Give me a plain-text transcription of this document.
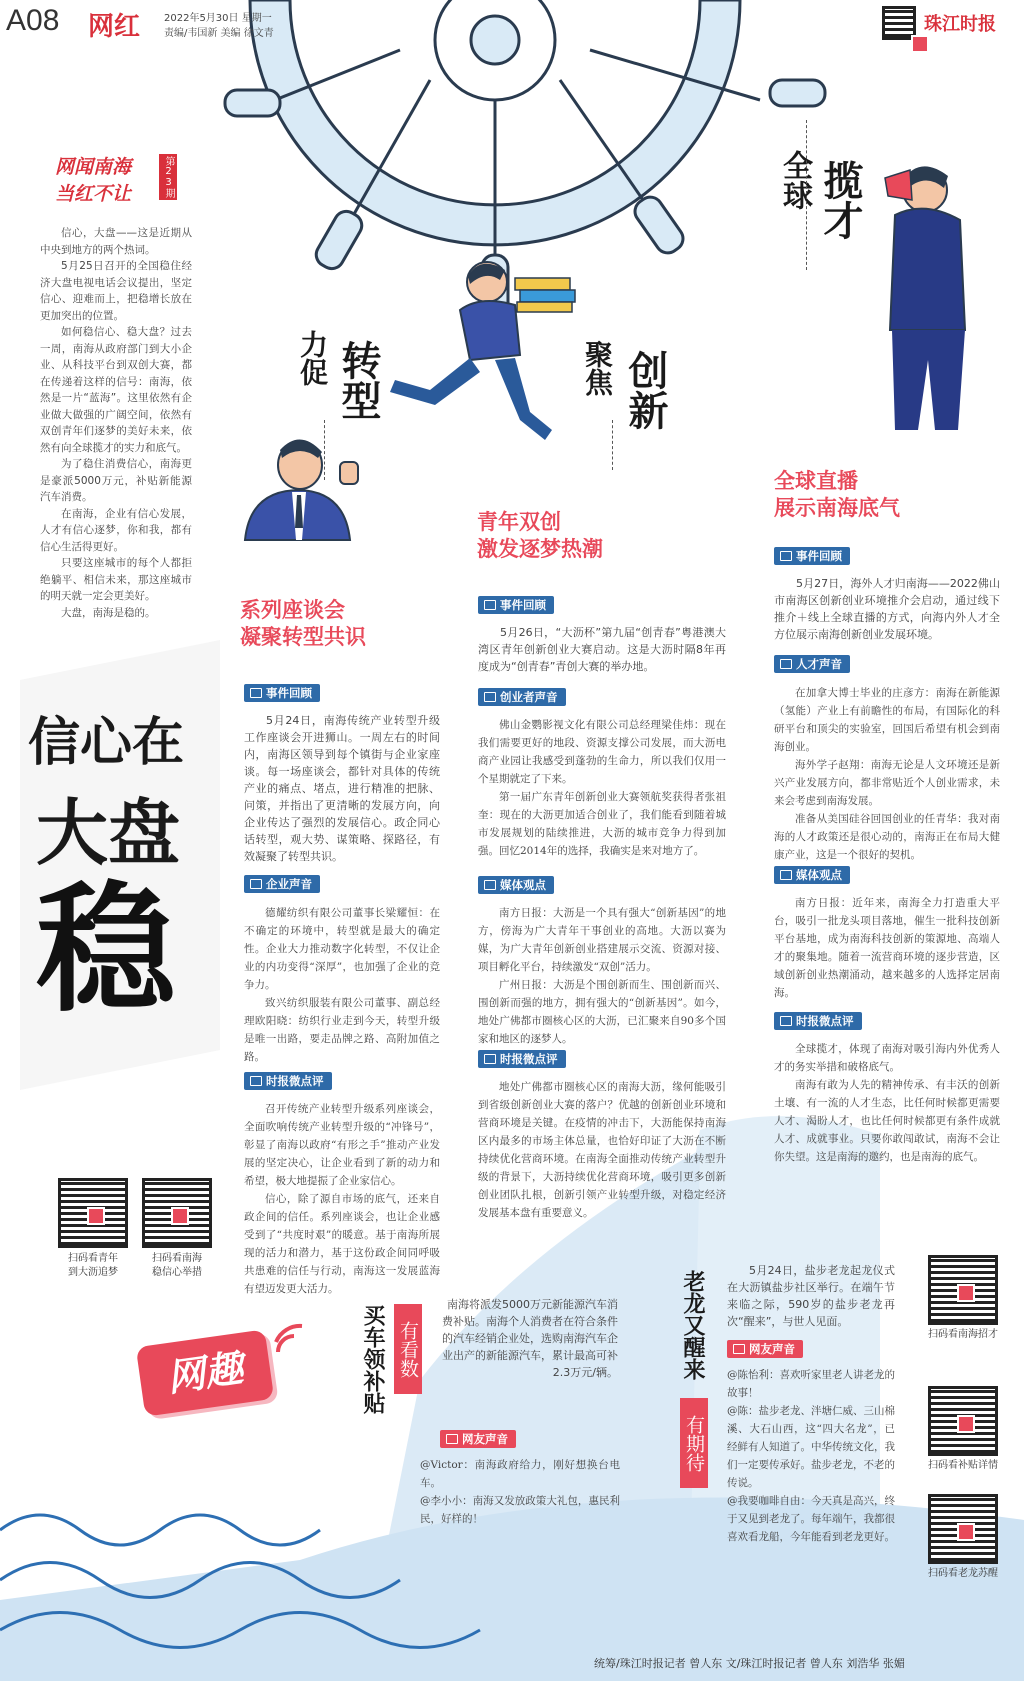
A08 网红 2022年5月30日 星期一
责编/韦国新 美编 徐文青	珠江时报
网闻南海
当红不让	第23期

信心，大盘——这是近期从中央到地方的两个热词。

5月25日召开的全国稳住经济大盘电视电话会议提出，坚定信心、迎难而上，把稳增长放在更加突出的位置。

如何稳信心、稳大盘？过去一周，南海从政府部门到大小企业、从科技平台到双创大赛，都在传递着这样的信号：南海，依然是一片“蓝海”。这里依然有企业做大做强的广阔空间，依然有双创青年们逐梦的美好未来，依然有向全球揽才的实力和底气。

为了稳住消费信心，南海更是豪派5000万元，补贴新能源汽车消费。

在南海，企业有信心发展，人才有信心逐梦，你和我，都有信心生活得更好。

只要这座城市的每个人都拒绝躺平、相信未来，那这座城市的明天就一定会更美好。

大盘，南海是稳的。

信心在
大盘
稳
力促 转型	聚焦 创新
全球 揽才
系列座谈会
凝聚转型共识
事件回顾
5月24日，南海传统产业转型升级工作座谈会开进狮山。一周左右的时间内，南海区领导到每个镇街与企业家座谈。每一场座谈会，都针对具体的传统产业的痛点、堵点，进行精准的把脉、问策，并指出了更清晰的发展方向，向企业传达了强烈的发展信心。政企同心话转型，观大势、谋策略、探路径，有效凝聚了转型共识。
企业声音

德耀纺织有限公司董事长梁耀恒：在不确定的环境中，转型就是最大的确定性。企业大力推动数字化转型，不仅让企业的内功变得“深厚”，也加强了企业的竞争力。

致兴纺织服装有限公司董事、副总经理欧阳晓：纺织行业走到今天，转型升级是唯一出路，要走品牌之路、高附加值之路。

时报微点评

召开传统产业转型升级系列座谈会，全面吹响传统产业转型升级的“冲锋号”，彰显了南海以政府“有形之手”推动产业发展的坚定决心，让企业看到了新的动力和希望，极大地提振了企业家信心。

信心，除了源自市场的底气，还来自政企间的信任。系列座谈会，也让企业感受到了“共度时艰”的暖意。基于南海所展现的活力和潜力，基于这份政企间同呼吸共患难的信任与行动，南海这一发展蓝海有望迈发更大活力。

青年双创
激发逐梦热潮
事件回顾
5月26日，“大沥杯”第九届“创青春”粤港澳大湾区青年创新创业大赛启动。这是大沥时隔8年再度成为“创青春”青创大赛的举办地。
创业者声音

佛山金鹦影视文化有限公司总经理梁佳炜：现在我们需要更好的地段、资源支撑公司发展，而大沥电商产业园让我感受到蓬勃的生命力，所以我们仅用一个星期就定了下来。

第一届广东青年创新创业大赛领航奖获得者张祖奎：现在的大沥更加适合创业了，我们能看到随着城市发展规划的陆续推进，大沥的城市竞争力得到加强。回忆2014年的选择，我确实是来对地方了。

媒体观点

南方日报：大沥是一个具有强大“创新基因”的地方，傍海为广大青年干事创业的高地。大沥以赛为媒，为广大青年创新创业搭建展示交流、资源对接、项目孵化平台，持续激发“双创”活力。

广州日报：大沥是个围创新而生、围创新而兴、围创新而强的地方，拥有强大的“创新基因”。如今，地处广佛都市圈核心区的大沥，已汇聚来自90多个国家和地区的逐梦人。

时报微点评
地处广佛都市圈核心区的南海大沥，缘何能吸引到省级创新创业大赛的落户？优越的创新创业环境和营商环境是关键。在疫情的冲击下，大沥能保持南海区内最多的市场主体总量，也恰好印证了大沥在不断持续优化营商环境。在南海全面推动传统产业转型升级的背景下，大沥持续优化营商环境，吸引更多创新创业团队扎根，创新引领产业转型升级，对稳定经济发展基本盘有重要意义。
全球直播
展示南海底气
事件回顾
5月27日，海外人才归南海——2022佛山市南海区创新创业环境推介会启动，通过线下推介＋线上全球直播的方式，向海内外人才全方位展示南海创新创业发展环境。
人才声音

在加拿大博士毕业的庄彦方：南海在新能源（氢能）产业上有前瞻性的布局，有国际化的科研平台和顶尖的实验室，回国后希望有机会到南海创业。

海外学子赵翔：南海无论是人文环境还是新兴产业发展方向，都非常贴近个人创业需求，未来会考虑到南海发展。

准备从美国硅谷回国创业的任青华：我对南海的人才政策还是很心动的，南海正在布局大健康产业，这是一个很好的契机。

媒体观点
南方日报：近年来，南海全力打造重大平台，吸引一批龙头项目落地，催生一批科技创新平台基地，成为南海科技创新的策源地、高端人才的聚集地。随着一流营商环境的逐步营造，区域创新创业热潮涌动，越来越多的人选择定居南海。
时报微点评

全球揽才，体现了南海对吸引海内外优秀人才的务实举措和破格底气。

南海有敢为人先的精神传承、有丰沃的创新土壤、有一流的人才生态，比任何时候都更需要人才、渴盼人才，也比任何时候都更有条件成就人才、成就事业。只要你敢闯敢试，南海不会让你失望。这是南海的邀约，也是南海的底气。

扫码看青年
到大沥追梦
扫码看南海
稳信心举措
扫码看南海招才
扫码看补贴详情
扫码看老龙苏醒
网趣	买车领补贴 有看数
南海将派发5000万元新能源汽车消费补贴。南海个人消费者在符合条件的汽车经销企业处，选购南海汽车企业出产的新能源汽车，累计最高可补2.3万元/辆。
网友声音

@Victor：南海政府给力，刚好想换台电车。

@李小小：南海又发放政策大礼包，惠民利民，好样的！

老龙又醒来
有期待
5月24日，盐步老龙起龙仪式在大沥镇盐步社区举行。在端午节来临之际，590岁的盐步老龙再次“醒来”，与世人见面。
网友声音

@陈怡利：喜欢听家里老人讲老龙的故事！

@陈：盐步老龙、泮塘仁威、三山棉溪、大石山西，这“四大名龙”，已经鲜有人知道了。中华传统文化，我们一定要传承好。盐步老龙，不老的传说。

@我要咖啡自由：今天真是高兴，终于又见到老龙了。每年端午，我都很喜欢看龙船，今年能看到老龙更好。

统筹/珠江时报记者 曾人东 文/珠江时报记者 曾人东 刘浩华 张媚
